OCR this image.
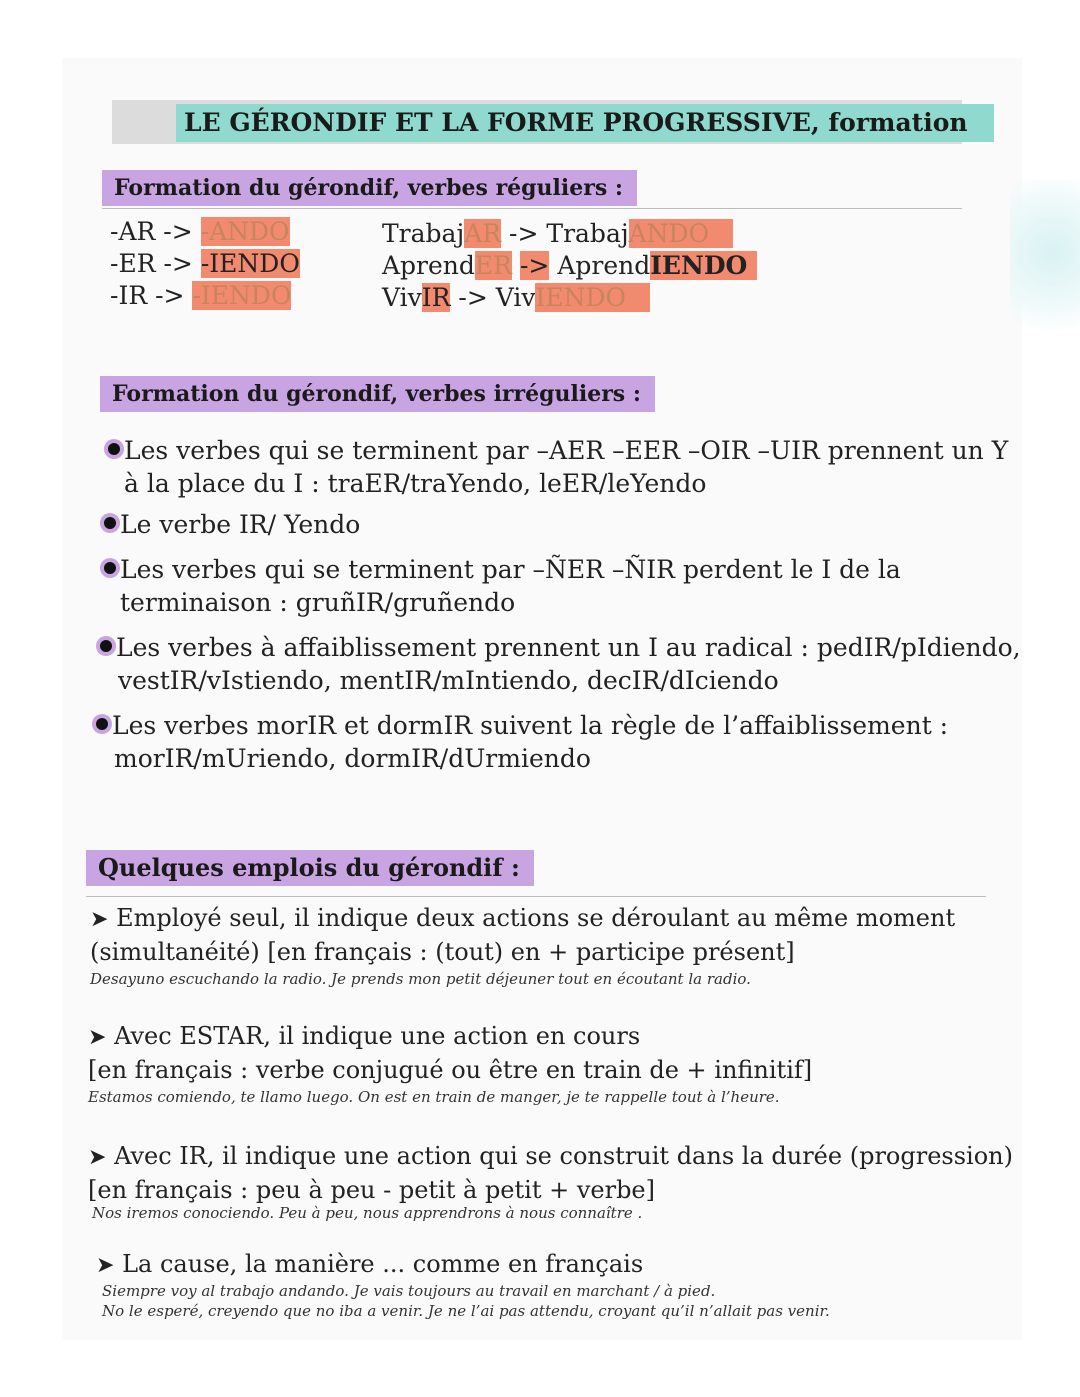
LE GÉRONDIF ET LA FORME PROGRESSIVE, formation
Formation du gérondif, verbes réguliers :
-AR -> -ANDO
-ER -> -IENDO
-IR -> -IENDO
TrabajAR -> TrabajANDO
AprendER -> AprendIENDO
VivIR -> VivIENDO
Formation du gérondif, verbes irréguliers :
Les verbes qui se terminent par –AER –EER –OIR –UIR prennent un Y
à la place du I : traER/traYendo, leER/leYendo
Le verbe IR/ Yendo
Les verbes qui se terminent par –ÑER –ÑIR perdent le I de la
terminaison : gruñIR/gruñendo
Les verbes à affaiblissement prennent un I au radical : pedIR/pIdiendo,
vestIR/vIstiendo, mentIR/mIntiendo, decIR/dIciendo
Les verbes morIR et dormIR suivent la règle de l’affaiblissement :
morIR/mUriendo, dormIR/dUrmiendo
Quelques emplois du gérondif :
➤ Employé seul, il indique deux actions se déroulant au même moment
(simultanéité) [en français : (tout) en + participe présent]
Desayuno escuchando la radio. Je prends mon petit déjeuner tout en écoutant la radio.
➤ Avec ESTAR, il indique une action en cours
[en français : verbe conjugué ou être en train de + infinitif]
Estamos comiendo, te llamo luego. On est en train de manger, je te rappelle tout à l’heure.
➤ Avec IR, il indique une action qui se construit dans la durée (progression)
[en français : peu à peu - petit à petit + verbe]
Nos iremos conociendo. Peu à peu, nous apprendrons à nous connaître .
➤ La cause, la manière ... comme en français
Siempre voy al trabajo andando. Je vais toujours au travail en marchant / à pied.
No le esperé, creyendo que no iba a venir. Je ne l’ai pas attendu, croyant qu’il n’allait pas venir.
